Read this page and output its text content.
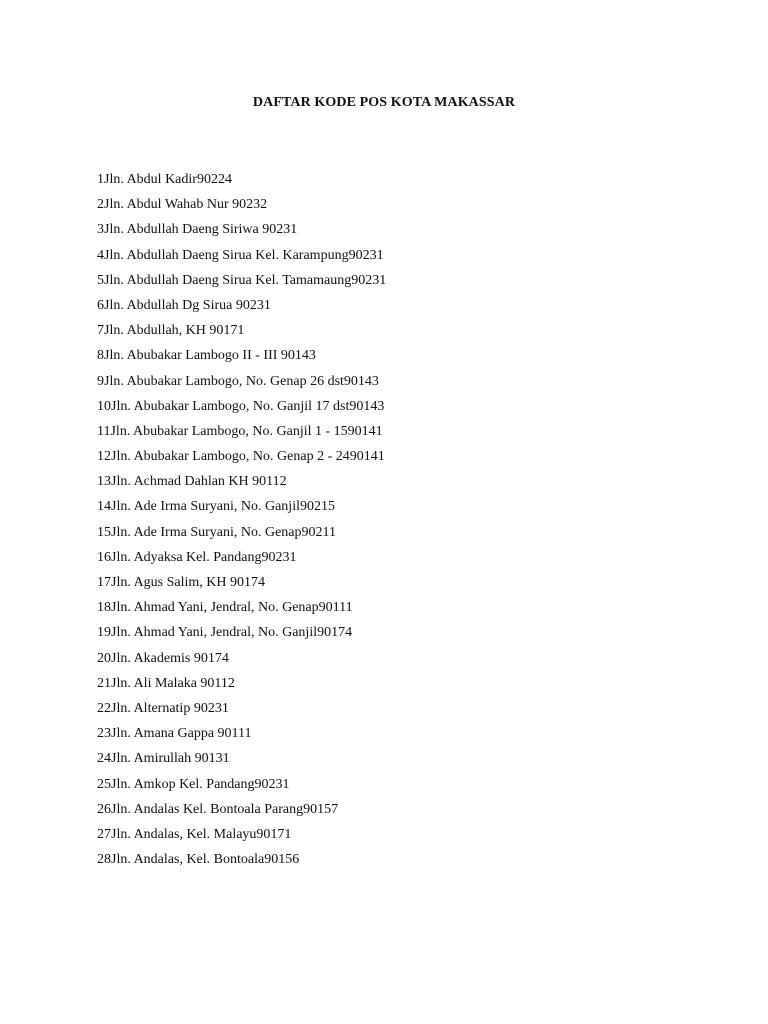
DAFTAR KODE POS KOTA MAKASSAR
1Jln. Abdul Kadir90224
2Jln. Abdul Wahab Nur 90232
3Jln. Abdullah Daeng Siriwa 90231
4Jln. Abdullah Daeng Sirua Kel. Karampung90231
5Jln. Abdullah Daeng Sirua Kel. Tamamaung90231
6Jln. Abdullah Dg Sirua 90231
7Jln. Abdullah, KH 90171
8Jln. Abubakar Lambogo II - III 90143
9Jln. Abubakar Lambogo, No. Genap 26 dst90143
10Jln. Abubakar Lambogo, No. Ganjil 17 dst90143
11Jln. Abubakar Lambogo, No. Ganjil 1 - 1590141
12Jln. Abubakar Lambogo, No. Genap 2 - 2490141
13Jln. Achmad Dahlan KH 90112
14Jln. Ade Irma Suryani, No. Ganjil90215
15Jln. Ade Irma Suryani, No. Genap90211
16Jln. Adyaksa Kel. Pandang90231
17Jln. Agus Salim, KH 90174
18Jln. Ahmad Yani, Jendral, No. Genap90111
19Jln. Ahmad Yani, Jendral, No. Ganjil90174
20Jln. Akademis 90174
21Jln. Ali Malaka 90112
22Jln. Alternatip 90231
23Jln. Amana Gappa 90111
24Jln. Amirullah 90131
25Jln. Amkop Kel. Pandang90231
26Jln. Andalas Kel. Bontoala Parang90157
27Jln. Andalas, Kel. Malayu90171
28Jln. Andalas, Kel. Bontoala90156
